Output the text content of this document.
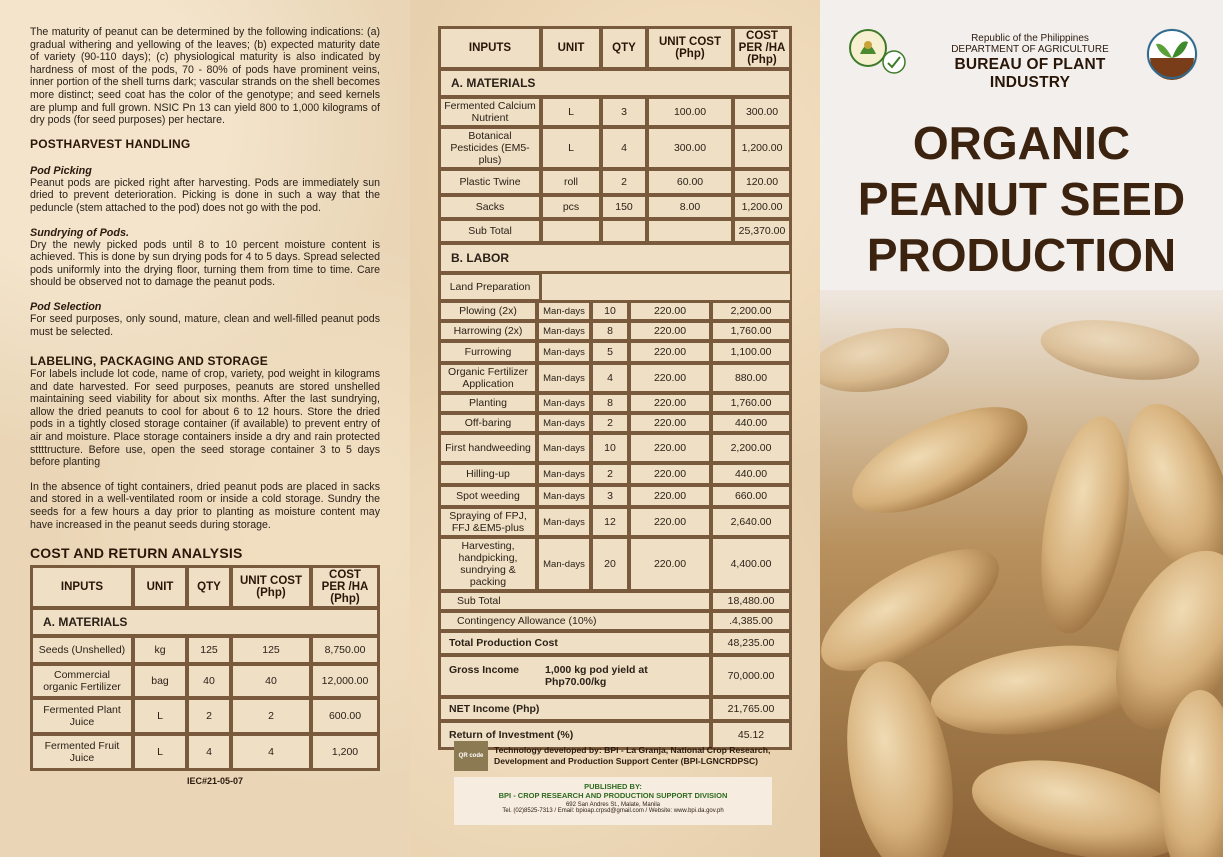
The maturity of peanut can be determined by the following indications: (a) gradual withering and yellowing of the leaves; (b) expected maturity date of variety (90-110 days); (c) physiological maturity is also indicated by hardness of most of the pods, 70 - 80% of pods have prominent veins, inner portion of the shell turns dark; vascular strands on the shell becomes more distinct; seed coat has the color of the genotype; and seed kernels are plump and full grown. NSIC Pn 13 can yield 800 to 1,000 kilograms of dry pods (for seed purposes) per hectare.

POSTHARVEST HANDLING

Pod Picking

Peanut pods are picked right after harvesting. Pods are immediately sun dried to prevent deterioration. Picking is done in such a way that the peduncle (stem attached to the pod) does not go with the pod.

Sundrying of Pods.

Dry the newly picked pods until 8 to 10 percent moisture content is achieved. This is done by sun drying pods for 4 to 5 days. Spread selected pods uniformly into the drying floor, turning them from time to time. Care should be observed not to damage the peanut pods.

Pod Selection

For seed purposes, only sound, mature, clean and well-filled peanut pods must be selected.

LABELING, PACKAGING AND STORAGE

For labels include lot code, name of crop, variety, pod weight in kilograms and date harvested. For seed purposes, peanuts are stored unshelled maintaining seed viability for about six months. After the last sundrying, allow the dried peanuts to cool for about 6 to 12 hours. Store the dried pods in a tightly closed storage container (if available) to prevent entry of air and moisture. Place storage containers inside a dry and rain protected sttttructure. Before use, open the seed storage container 3 to 5 days before planting

In the absence of tight containers, dried peanut pods are placed in sacks and stored in a well-ventilated room or inside a cold storage. Sundry the seeds for a few hours a day prior to planting as moisture content may have increased in the peanut seeds during storage.

COST AND RETURN ANALYSIS
INPUTS	UNIT	QTY	UNIT COST (Php)	COST PER /HA (Php)
A. MATERIALS				
Seeds (Unshelled)	kg	125	125	8,750.00
Commercial organic Fertilizer	bag	40	40	12,000.00
Fermented Plant Juice	L	2	2	600.00
Fermented Fruit Juice	L	4	4	1,200
IEC#21-05-07
INPUTS	UNIT	QTY	UNIT COST (Php)	COST PER /HA (Php)
A. MATERIALS				
Fermented Calcium Nutrient	L	3	100.00	300.00
Botanical Pesticides (EM5-plus)	L	4	300.00	1,200.00
Plastic Twine	roll	2	60.00	120.00
Sacks	pcs	150	8.00	1,200.00
Sub Total				25,370.00
B. LABOR				
Land Preparation				
Plowing (2x)	Man-days	10	220.00	2,200.00
Harrowing (2x)	Man-days	8	220.00	1,760.00
Furrowing	Man-days	5	220.00	1,100.00
Organic Fertilizer Application	Man-days	4	220.00	880.00
Planting	Man-days	8	220.00	1,760.00
Off-baring	Man-days	2	220.00	440.00
First handweeding	Man-days	10	220.00	2,200.00
Hilling-up	Man-days	2	220.00	440.00
Spot weeding	Man-days	3	220.00	660.00
Spraying of FPJ, FFJ &EM5-plus	Man-days	12	220.00	2,640.00
Harvesting, handpicking, sundrying & packing	Man-days	20	220.00	4,400.00
Sub Total				18,480.00
Contingency Allowance (10%)				.4,385.00
Total Production Cost				48,235.00
Gross Income 1,000 kg pod yield at Php70.00/kg				70,000.00
NET Income (Php)				21,765.00
Return of Investment (%)				45.12
QR code
Technology developed by: BPI - La Granja, National Crop Research, Development and Production Support Center (BPI-LGNCRDPSC)
PUBLISHED BY:
BPI - CROP RESEARCH AND PRODUCTION SUPPORT DIVISION
692 San Andres St., Malate, Manila
Tel. (02)8525-7313 / Email: bpioap.crpsd@gmail.com / Website: www.bpi.da.gov.ph
Republic of the Philippines
DEPARTMENT OF AGRICULTURE
BUREAU OF PLANT INDUSTRY
ORGANIC
PEANUT SEED
PRODUCTION
